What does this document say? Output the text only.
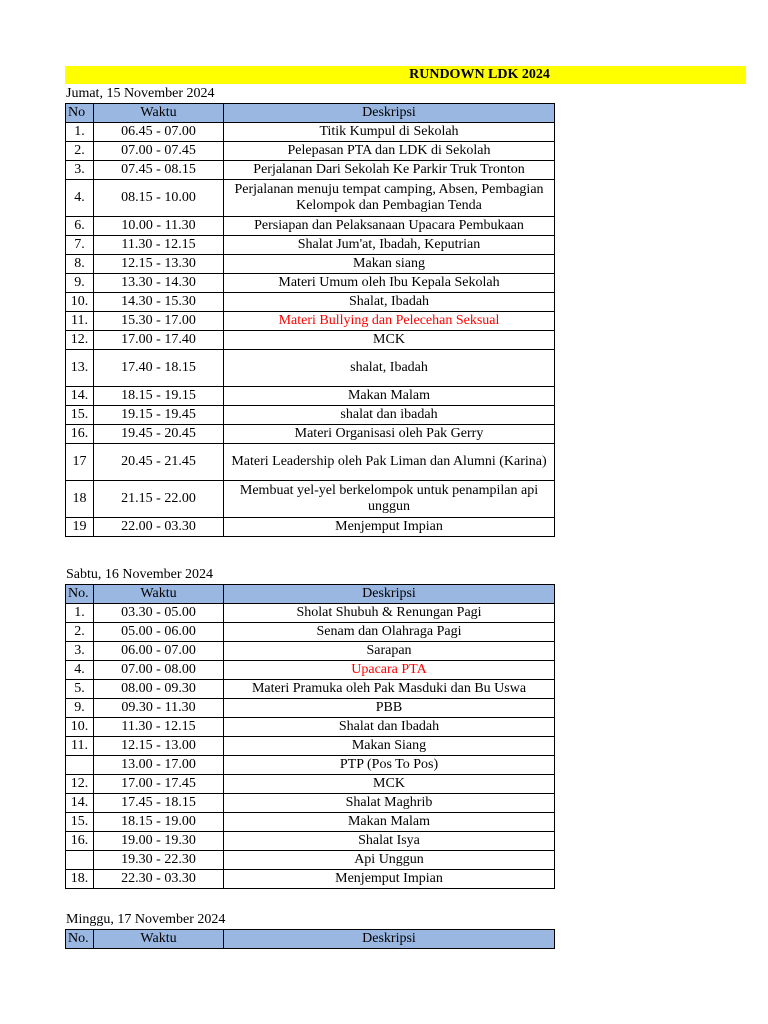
RUNDOWN LDK 2024
Jumat, 15 November 2024
No	Waktu	Deskripsi
1.	06.45 - 07.00	Titik Kumpul di Sekolah
2.	07.00 - 07.45	Pelepasan PTA dan LDK di Sekolah
3.	07.45 - 08.15	Perjalanan Dari Sekolah Ke Parkir Truk Tronton
4.	08.15 - 10.00	Perjalanan menuju tempat camping, Absen, Pembagian Kelompok dan Pembagian Tenda
6.	10.00 - 11.30	Persiapan dan Pelaksanaan Upacara Pembukaan
7.	11.30 - 12.15	Shalat Jum'at, Ibadah, Keputrian
8.	12.15 - 13.30	Makan siang
9.	13.30 - 14.30	Materi Umum oleh Ibu Kepala Sekolah
10.	14.30 - 15.30	Shalat, Ibadah
11.	15.30 - 17.00	Materi Bullying dan Pelecehan Seksual
12.	17.00 - 17.40	MCK
13.	17.40 - 18.15	shalat, Ibadah
14.	18.15 - 19.15	Makan Malam
15.	19.15 - 19.45	shalat dan ibadah
16.	19.45 - 20.45	Materi Organisasi oleh Pak Gerry
17	20.45 - 21.45	Materi Leadership oleh Pak Liman dan Alumni (Karina)
18	21.15 - 22.00	Membuat yel-yel berkelompok untuk penampilan api unggun
19	22.00 - 03.30	Menjemput Impian
Sabtu, 16 November 2024
No.	Waktu	Deskripsi
1.	03.30 - 05.00	Sholat Shubuh & Renungan Pagi
2.	05.00 - 06.00	Senam dan Olahraga Pagi
3.	06.00 - 07.00	Sarapan
4.	07.00 - 08.00	Upacara PTA
5.	08.00 - 09.30	Materi Pramuka oleh Pak Masduki dan Bu Uswa
9.	09.30 - 11.30	PBB
10.	11.30 - 12.15	Shalat dan Ibadah
11.	12.15 - 13.00	Makan Siang
	13.00 - 17.00	PTP (Pos To Pos)
12.	17.00 - 17.45	MCK
14.	17.45 - 18.15	Shalat Maghrib
15.	18.15 - 19.00	Makan Malam
16.	19.00 - 19.30	Shalat Isya
	19.30 - 22.30	Api Unggun
18.	22.30 - 03.30	Menjemput Impian
Minggu, 17 November 2024
No.	Waktu	Deskripsi
